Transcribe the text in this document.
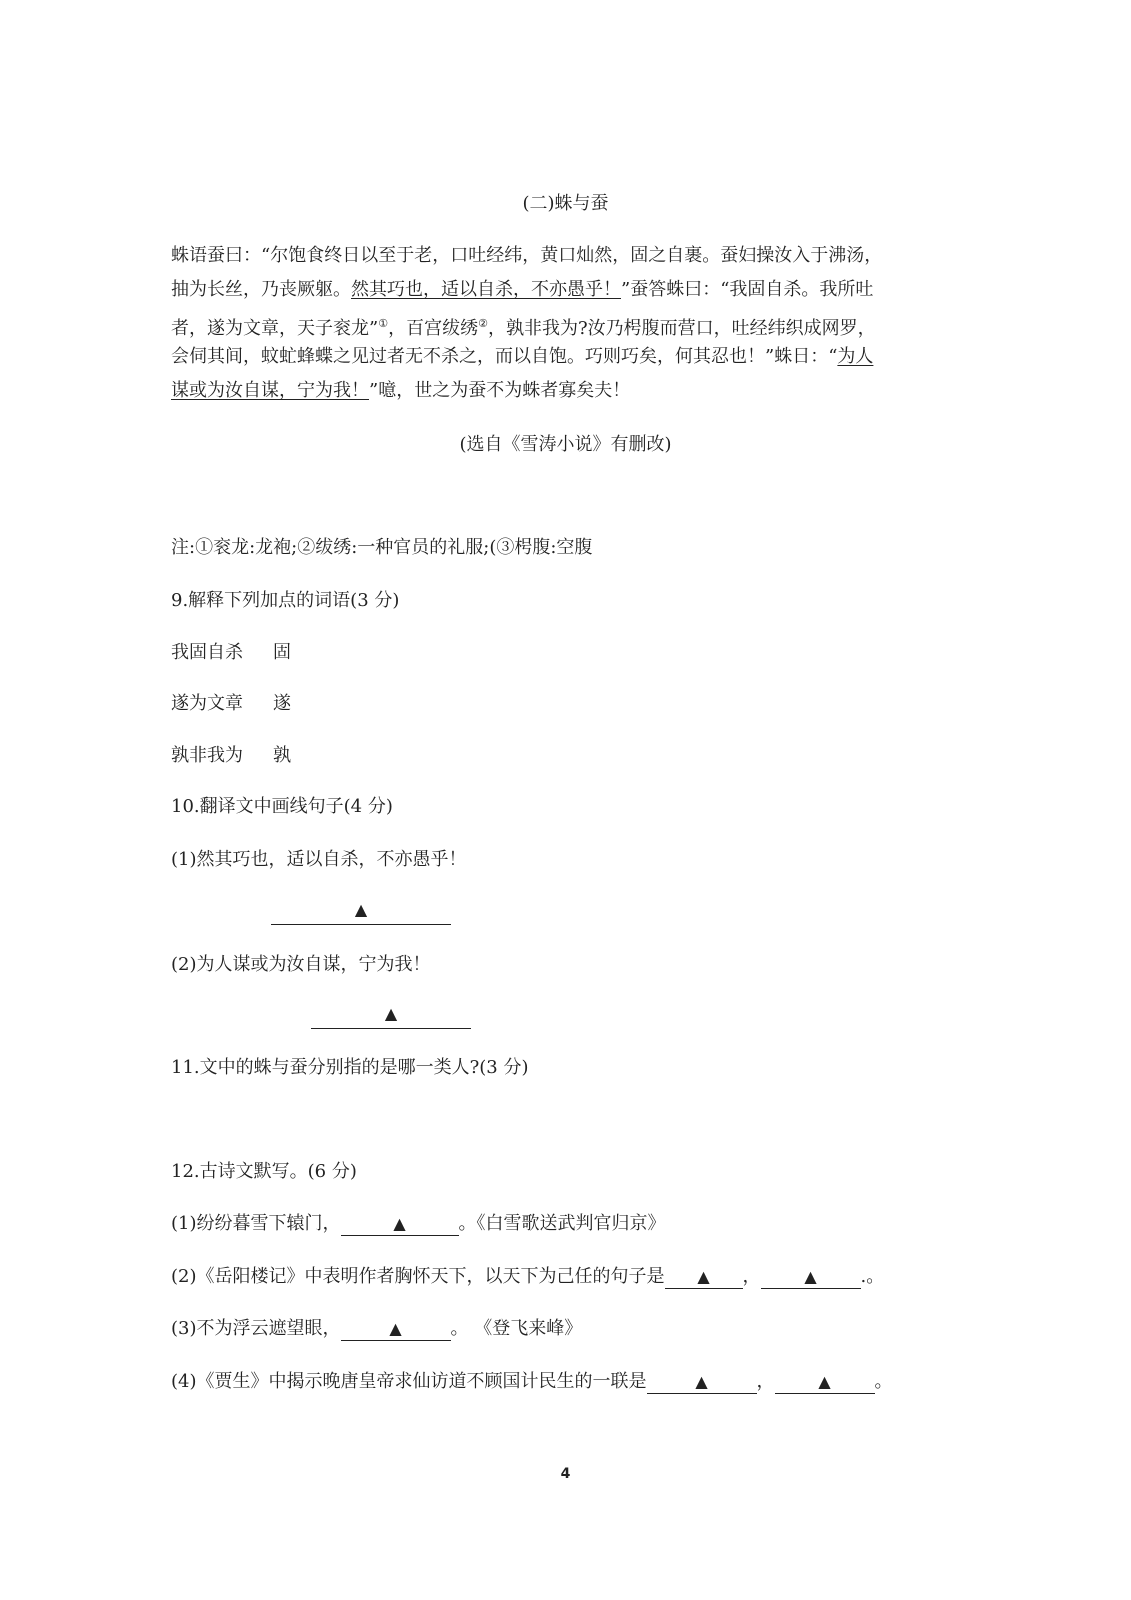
(二)蛛与蚕
蛛语蚕曰：“尔饱食终日以至于老，口吐经纬，黄口灿然，固之自裹。蚕妇操汝入于沸汤，
抽为长丝，乃丧厥躯。然其巧也，适以自杀，不亦愚乎！”蚕答蛛曰：“我固自杀。我所吐
者，遂为文章，天子衮龙”①，百宫绂绣②，孰非我为?汝乃枵腹而营口，吐经纬织成网罗，
会伺其间，蚊虻蜂蝶之见过者无不杀之，而以自饱。巧则巧矣，何其忍也！”蛛日：“为人
谋或为汝自谋，宁为我！”噫，世之为蚕不为蛛者寡矣夫！
(选自《雪涛小说》有删改)
注:①衮龙:龙袍;②绂绣:一种官员的礼服;(③枵腹:空腹
9.解释下列加点的词语(3 分)
我固自杀 固
遂为文章 遂
孰非我为 孰
10.翻译文中画线句子(4 分)
(1)然其巧也，适以自杀，不亦愚乎！
▲
(2)为人谋或为汝自谋，宁为我！
▲
11.文中的蛛与蚕分别指的是哪一类人?(3 分)
12.古诗文默写。(6 分)
(1)纷纷暮雪下辕门，	▲	。《白雪歌送武判官归京》
(2)《岳阳楼记》中表明作者胸怀天下，以天下为己任的句子是 ▲ ，	▲ .。
(3)不为浮云遮望眼，	▲	。 《登飞来峰》
(4)《贾生》中揭示晚唐皇帝求仙访道不顾国计民生的一联是	▲	，	▲ 。
4
